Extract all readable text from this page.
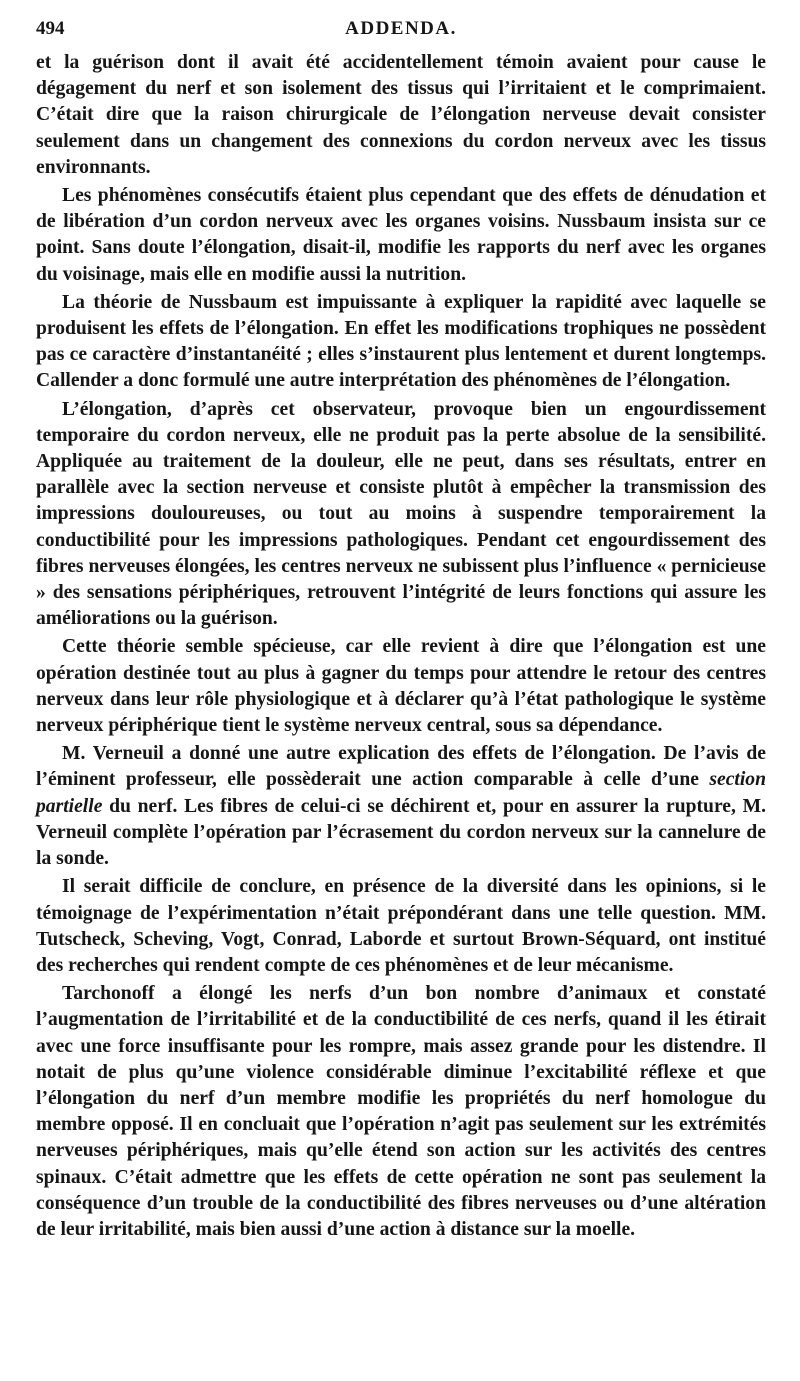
494	ADDENDA.

et la guérison dont il avait été accidentellement témoin avaient pour cause le dégagement du nerf et son isolement des tissus qui l’irritaient et le comprimaient. C’était dire que la raison chirurgicale de l’élongation nerveuse devait consister seulement dans un changement des connexions du cordon nerveux avec les tissus environnants.

Les phénomènes consécutifs étaient plus cependant que des effets de dénudation et de libération d’un cordon nerveux avec les organes voisins. Nussbaum insista sur ce point. Sans doute l’élongation, disait-il, modifie les rapports du nerf avec les organes du voisinage, mais elle en modifie aussi la nutrition.

La théorie de Nussbaum est impuissante à expliquer la rapidité avec laquelle se produisent les effets de l’élongation. En effet les modifications trophiques ne possèdent pas ce caractère d’instantanéité ; elles s’instaurent plus lentement et durent longtemps. Callender a donc formulé une autre interprétation des phénomènes de l’élongation.

L’élongation, d’après cet observateur, provoque bien un engourdissement temporaire du cordon nerveux, elle ne produit pas la perte absolue de la sensibilité. Appliquée au traitement de la douleur, elle ne peut, dans ses résultats, entrer en parallèle avec la section nerveuse et consiste plutôt à empêcher la transmission des impressions douloureuses, ou tout au moins à suspendre temporairement la conductibilité pour les impressions pathologiques. Pendant cet engourdissement des fibres nerveuses élongées, les centres nerveux ne subissent plus l’influence « pernicieuse » des sensations périphériques, retrouvent l’intégrité de leurs fonctions qui assure les améliorations ou la guérison.

Cette théorie semble spécieuse, car elle revient à dire que l’élongation est une opération destinée tout au plus à gagner du temps pour attendre le retour des centres nerveux dans leur rôle physiologique et à déclarer qu’à l’état pathologique le système nerveux périphérique tient le système nerveux central, sous sa dépendance.

M. Verneuil a donné une autre explication des effets de l’élongation. De l’avis de l’éminent professeur, elle possèderait une action comparable à celle d’une section partielle du nerf. Les fibres de celui-ci se déchirent et, pour en assurer la rupture, M. Verneuil complète l’opération par l’écrasement du cordon nerveux sur la cannelure de la sonde.

Il serait difficile de conclure, en présence de la diversité dans les opinions, si le témoignage de l’expérimentation n’était prépondérant dans une telle question. MM. Tutscheck, Scheving, Vogt, Conrad, Laborde et surtout Brown-Séquard, ont institué des recherches qui rendent compte de ces phénomènes et de leur mécanisme.

Tarchonoff a élongé les nerfs d’un bon nombre d’animaux et constaté l’augmentation de l’irritabilité et de la conductibilité de ces nerfs, quand il les étirait avec une force insuffisante pour les rompre, mais assez grande pour les distendre. Il notait de plus qu’une violence considérable diminue l’excitabilité réflexe et que l’élongation du nerf d’un membre modifie les propriétés du nerf homologue du membre opposé. Il en concluait que l’opération n’agit pas seulement sur les extrémités nerveuses périphériques, mais qu’elle étend son action sur les activités des centres spinaux. C’était admettre que les effets de cette opération ne sont pas seulement la conséquence d’un trouble de la conductibilité des fibres nerveuses ou d’une altération de leur irritabilité, mais bien aussi d’une action à distance sur la moelle.
